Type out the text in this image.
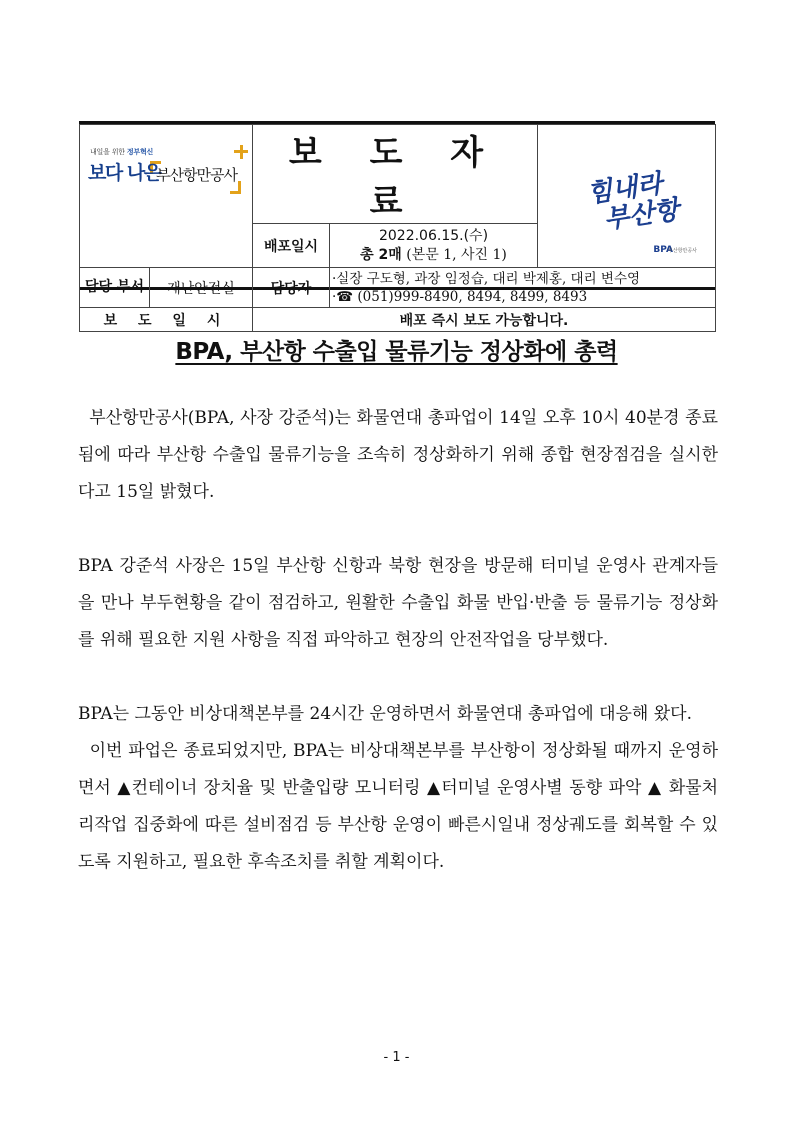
내일을 위한 정부혁신
보다 나은
부산항만공사		보 도 자 료		힘내라
부산항
BPA
부산항만공사

		배포일시	2022.06.15.(수)
총 2매 (본문 1, 사진 1)	

담당 부서	재난안전실	담당자	·실장 구도형, 과장 임정습, 대리 박제홍, 대리 변수영
·☎ (051)999-8490, 8494, 8499, 8493	

보 도 일 시		배포 즉시 보도 가능합니다.		
BPA, 부산항 수출입 물류기능 정상화에 총력

부산항만공사(BPA, 사장 강준석)는 화물연대 총파업이 14일 오후 10시 40분경 종료됨에 따라 부산항 수출입 물류기능을 조속히 정상화하기 위해 종합 현장점검을 실시한다고 15일 밝혔다.

BPA 강준석 사장은 15일 부산항 신항과 북항 현장을 방문해 터미널 운영사 관계자들을 만나 부두현황을 같이 점검하고, 원활한 수출입 화물 반입·반출 등 물류기능 정상화를 위해 필요한 지원 사항을 직접 파악하고 현장의 안전작업을 당부했다.

BPA는 그동안 비상대책본부를 24시간 운영하면서 화물연대 총파업에 대응해 왔다.

이번 파업은 종료되었지만, BPA는 비상대책본부를 부산항이 정상화될 때까지 운영하면서 ▲컨테이너 장치율 및 반출입량 모니터링 ▲터미널 운영사별 동향 파악 ▲ 화물처리작업 집중화에 따른 설비점검 등 부산항 운영이 빠른시일내 정상궤도를 회복할 수 있도록 지원하고, 필요한 후속조치를 취할 계획이다.

- 1 -
